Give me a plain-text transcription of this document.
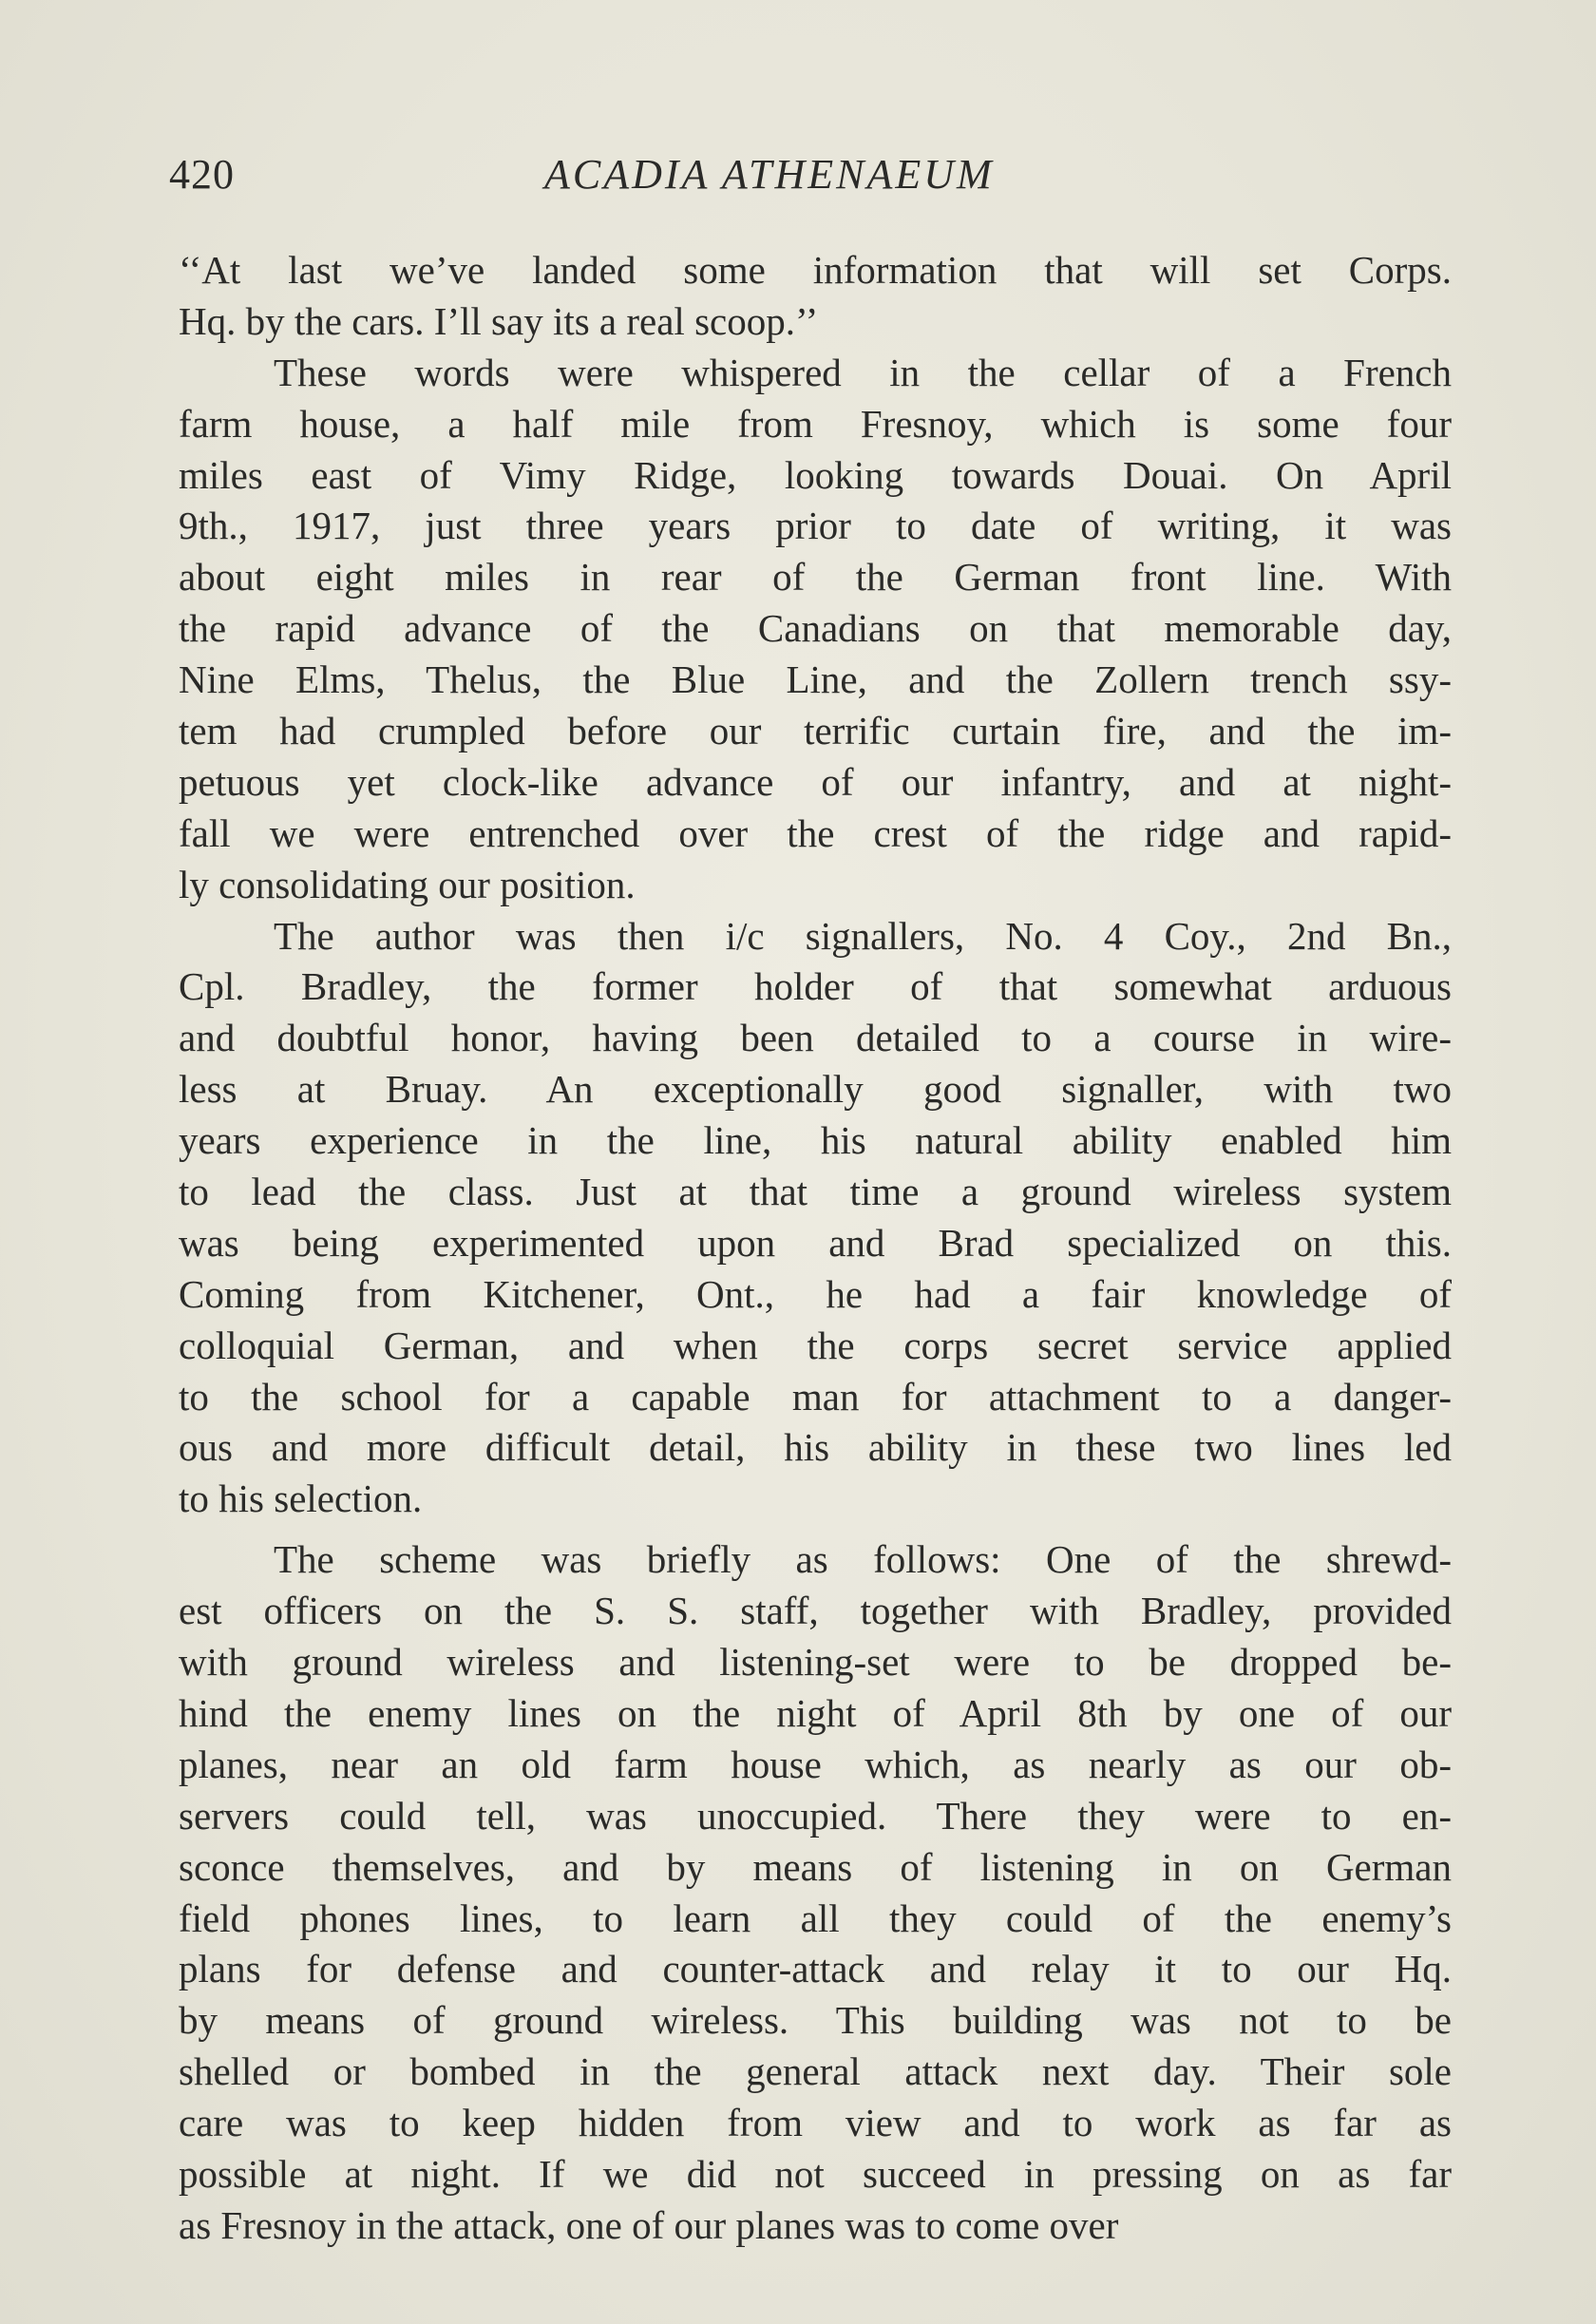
420	ACADIA ATHENAEUM
‘‘At last we’ve landed some information that will set Corps.
Hq. by the cars. I’ll say its a real scoop.’’
These words were whispered in the cellar of a French
farm house, a half mile from Fresnoy, which is some four
miles east of Vimy Ridge, looking towards Douai. On April
9th., 1917, just three years prior to date of writing, it was
about eight miles in rear of the German front line. With
the rapid advance of the Canadians on that memorable day,
Nine Elms, Thelus, the Blue Line, and the Zollern trench ssy-
tem had crumpled before our terrific curtain fire, and the im-
petuous yet clock-like advance of our infantry, and at night-
fall we were entrenched over the crest of the ridge and rapid-
ly consolidating our position.
The author was then i/c signallers, No. 4 Coy., 2nd Bn.,
Cpl. Bradley, the former holder of that somewhat arduous
and doubtful honor, having been detailed to a course in wire-
less at Bruay. An exceptionally good signaller, with two
years experience in the line, his natural ability enabled him
to lead the class. Just at that time a ground wireless system
was being experimented upon and Brad specialized on this.
Coming from Kitchener, Ont., he had a fair knowledge of
colloquial German, and when the corps secret service applied
to the school for a capable man for attachment to a danger-
ous and more difficult detail, his ability in these two lines led
to his selection.
The scheme was briefly as follows: One of the shrewd-
est officers on the S. S. staff, together with Bradley, provided
with ground wireless and listening-set were to be dropped be-
hind the enemy lines on the night of April 8th by one of our
planes, near an old farm house which, as nearly as our ob-
servers could tell, was unoccupied. There they were to en-
sconce themselves, and by means of listening in on German
field phones lines, to learn all they could of the enemy’s
plans for defense and counter-attack and relay it to our Hq.
by means of ground wireless. This building was not to be
shelled or bombed in the general attack next day. Their sole
care was to keep hidden from view and to work as far as
possible at night. If we did not succeed in pressing on as far
as Fresnoy in the attack, one of our planes was to come over
